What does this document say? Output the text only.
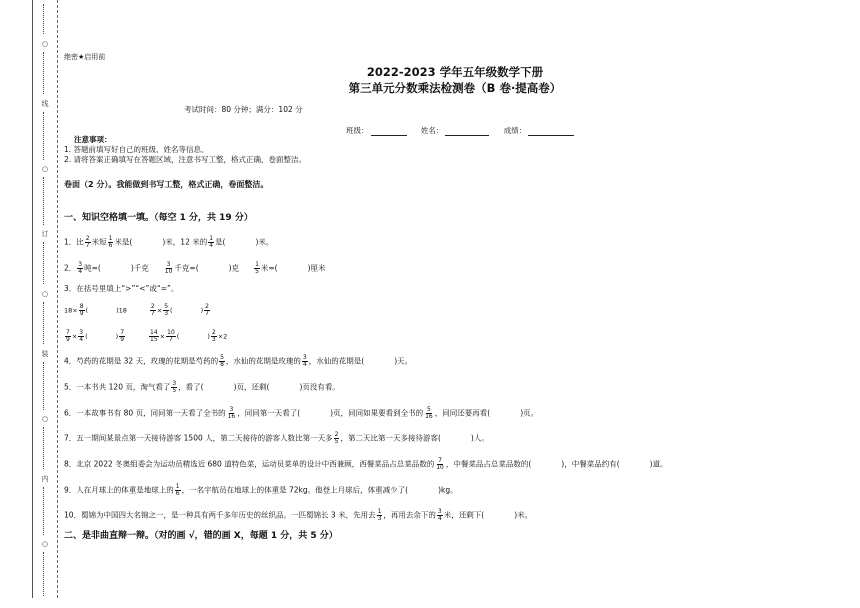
○
线
○
订
○
装
○
内
○
绝密★启用前
2022-2023 学年五年级数学下册
第三单元分数乘法检测卷（B 卷·提高卷）
考试时间：80 分钟；满分：102 分
班级：	姓名：	成绩：
注意事项：
1. 答题前填写好自己的班级、姓名等信息。
2. 请将答案正确填写在答题区域，注意书写工整，格式正确，卷面整洁。
卷面（2 分）。我能做到书写工整，格式正确，卷面整洁。
一、知识空格填一填。（每空 1 分，共 19 分）
1．比 $\frac{2}{7}$ 米短 $\frac{1}{6}$ 米是(	)米，12 米的 $\frac{1}{4}$ 是(	)米。
2． $\frac{3}{4}$ 吨=(	)千克	$\frac{3}{10}$ 千克=(	)克	$\frac{1}{5}$ 米=(	)厘米
3．在括号里填上“>”“<”或“=”。
$18\times \frac{8}{9}$ (	)18	$\frac{2}{7} \times \frac{5}{3}$ (	) $\frac{2}{7}$
$\frac{7}{9} \times \frac{3}{4}$ (	) $\frac{7}{9}$	$\frac{14}{15} \times \frac{10}{7}$ (	) $\frac{2}{3} \times 2$
4．芍药的花期是 32 天，玫瑰的花期是芍药的 $\frac{5}{8}$ ，水仙的花期是玫瑰的 $\frac{3}{4}$ ，水仙的花期是(	)天。
5．一本书共 120 页，淘气看了 $\frac{3}{5}$ ，看了(	)页，还剩(	)页没有看。
6．一本故事书有 80 页，同同第一天看了全书的 $\frac{3}{16}$ ，同同第一天看了(	)页，同同如果要看到全书的 $\frac{5}{16}$ ，同同还要再看(	)页。
7．五一期间某景点第一天接待游客 1500 人，第二天接待的游客人数比第一天多 $\frac{2}{5}$ ，第二天比第一天多接待游客(	)人。
8．北京 2022 冬奥组委会为运动员精选近 680 道特色菜，运动员菜单的设计中西兼顾，西餐菜品占总菜品数的 $\frac{7}{10}$ ，中餐菜品占总菜品数的(	)，中餐菜品约有(	)道。
9．人在月球上的体重是地球上的 $\frac{1}{6}$ ，一名宇航员在地球上的体重是 72kg。他登上月球后，体重减少了(	)kg。
10．蜀锦为中国四大名锦之一，是一种具有两千多年历史的丝织品。一匹蜀锦长 3 米，先用去 $\frac{1}{3}$ ，再用去余下的 $\frac{3}{4}$ 米，还剩下(	)米。
二、是非曲直辩一辩。（对的画 √，错的画 X，每题 1 分，共 5 分）
